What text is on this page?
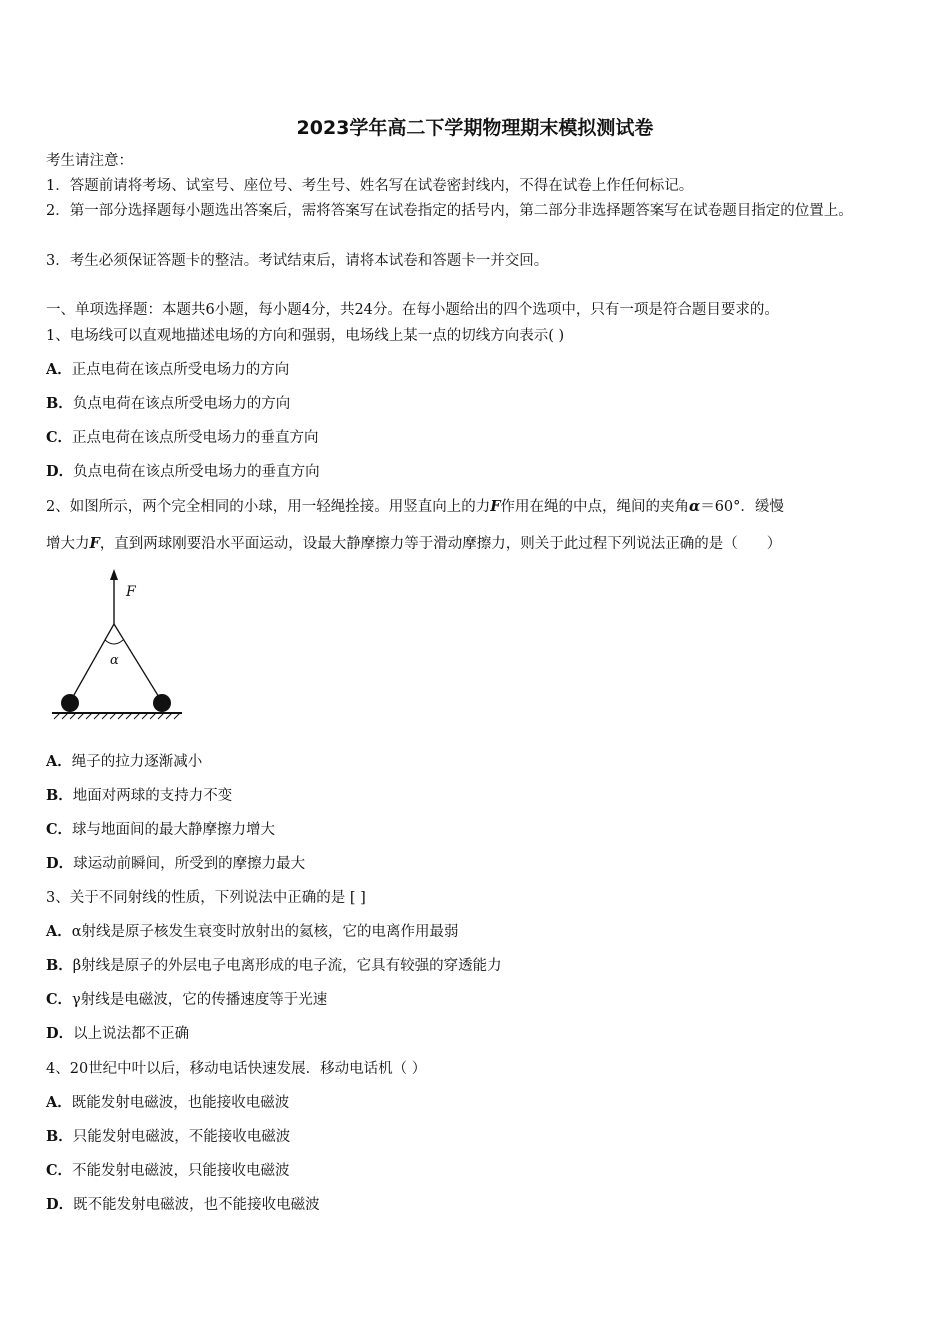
2023学年高二下学期物理期末模拟测试卷
考生请注意：
1．答题前请将考场、试室号、座位号、考生号、姓名写在试卷密封线内，不得在试卷上作任何标记。
2．第一部分选择题每小题选出答案后，需将答案写在试卷指定的括号内，第二部分非选择题答案写在试卷题目指定的位置上。
3．考生必须保证答题卡的整洁。考试结束后，请将本试卷和答题卡一并交回。
一、单项选择题：本题共6小题，每小题4分，共24分。在每小题给出的四个选项中，只有一项是符合题目要求的。
1、电场线可以直观地描述电场的方向和强弱，电场线上某一点的切线方向表示( )
A．正点电荷在该点所受电场力的方向
B．负点电荷在该点所受电场力的方向
C．正点电荷在该点所受电场力的垂直方向
D．负点电荷在该点所受电场力的垂直方向
2、如图所示，两个完全相同的小球，用一轻绳拴接。用竖直向上的力F作用在绳的中点，绳间的夹角α＝60°．缓慢
增大力F，直到两球刚要沿水平面运动，设最大静摩擦力等于滑动摩擦力，则关于此过程下列说法正确的是（　　）
F
α
A．绳子的拉力逐渐减小
B．地面对两球的支持力不变
C．球与地面间的最大静摩擦力增大
D．球运动前瞬间，所受到的摩擦力最大
3、关于不同射线的性质，下列说法中正确的是 [ ]
A．α射线是原子核发生衰变时放射出的氦核，它的电离作用最弱
B．β射线是原子的外层电子电离形成的电子流，它具有较强的穿透能力
C．γ射线是电磁波，它的传播速度等于光速
D．以上说法都不正确
4、20世纪中叶以后，移动电话快速发展．移动电话机（ ）
A．既能发射电磁波，也能接收电磁波
B．只能发射电磁波，不能接收电磁波
C．不能发射电磁波，只能接收电磁波
D．既不能发射电磁波，也不能接收电磁波
